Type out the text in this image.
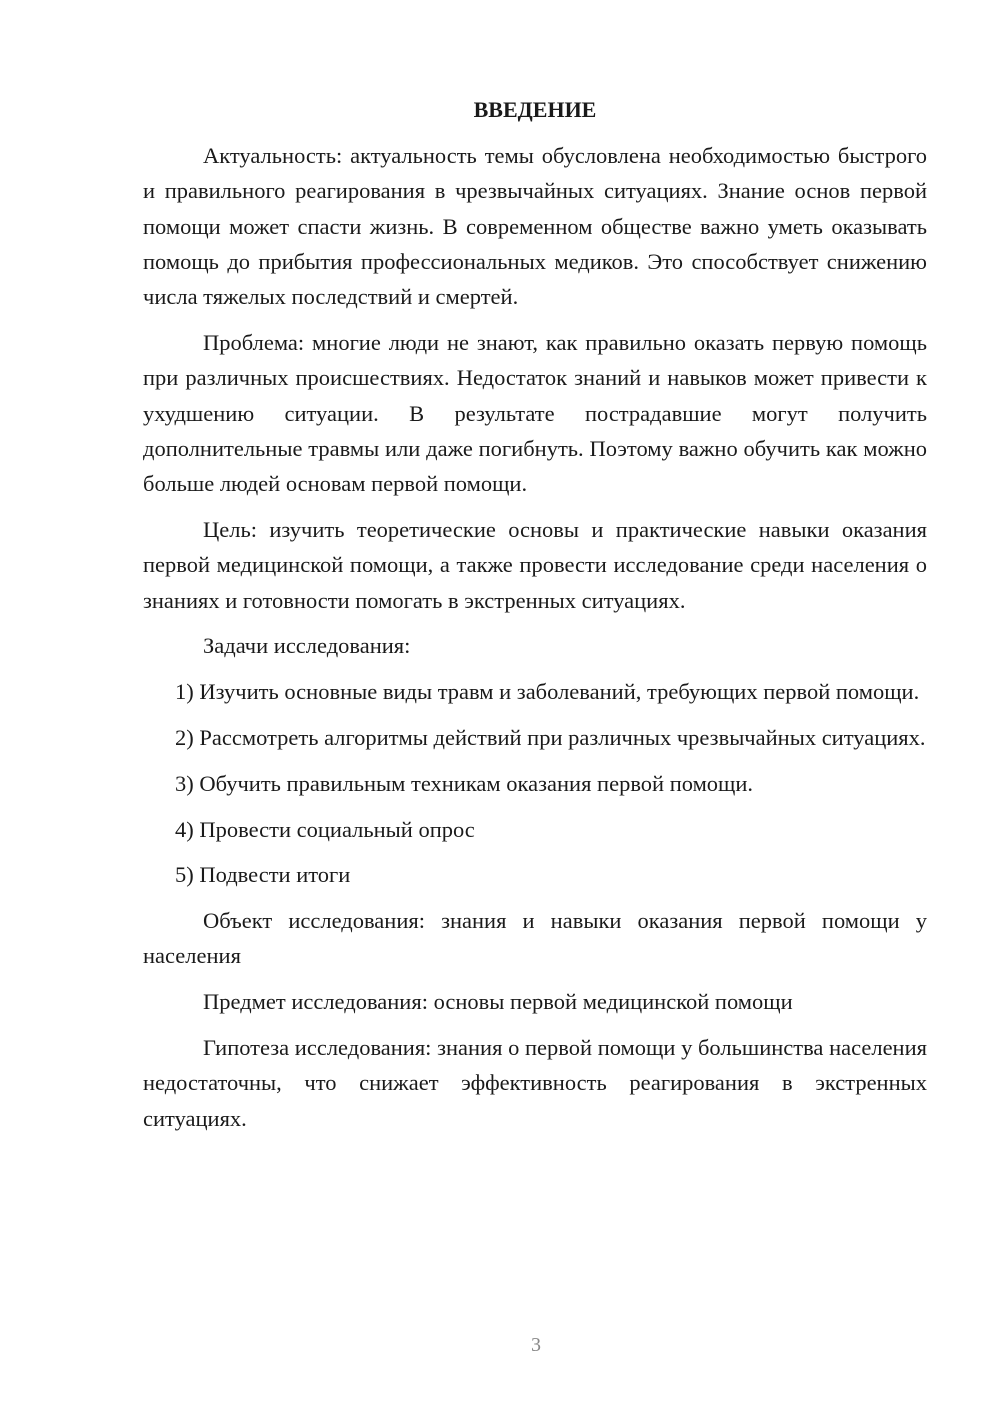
ВВЕДЕНИЕ

Актуальность: актуальность темы обусловлена необходимостью быстрого и правильного реагирования в чрезвычайных ситуациях. Знание основ первой помощи может спасти жизнь. В современном обществе важно уметь оказывать помощь до прибытия профессиональных медиков. Это способствует снижению числа тяжелых последствий и смертей.

Проблема: многие люди не знают, как правильно оказать первую помощь при различных происшествиях. Недостаток знаний и навыков может привести к ухудшению ситуации. В результате пострадавшие могут получить дополнительные травмы или даже погибнуть. Поэтому важно обучить как можно больше людей основам первой помощи.

Цель: изучить теоретические основы и практические навыки оказания первой медицинской помощи, а также провести исследование среди населения о знаниях и готовности помогать в экстренных ситуациях.

Задачи исследования:

1) Изучить основные виды травм и заболеваний, требующих первой помощи.

2) Рассмотреть алгоритмы действий при различных чрезвычайных ситуациях.

3) Обучить правильным техникам оказания первой помощи.

4) Провести социальный опрос

5) Подвести итоги

Объект исследования: знания и навыки оказания первой помощи у населения

Предмет исследования: основы первой медицинской помощи

Гипотеза исследования: знания о первой помощи у большинства населения недостаточны, что снижает эффективность реагирования в экстренных ситуациях.

3
